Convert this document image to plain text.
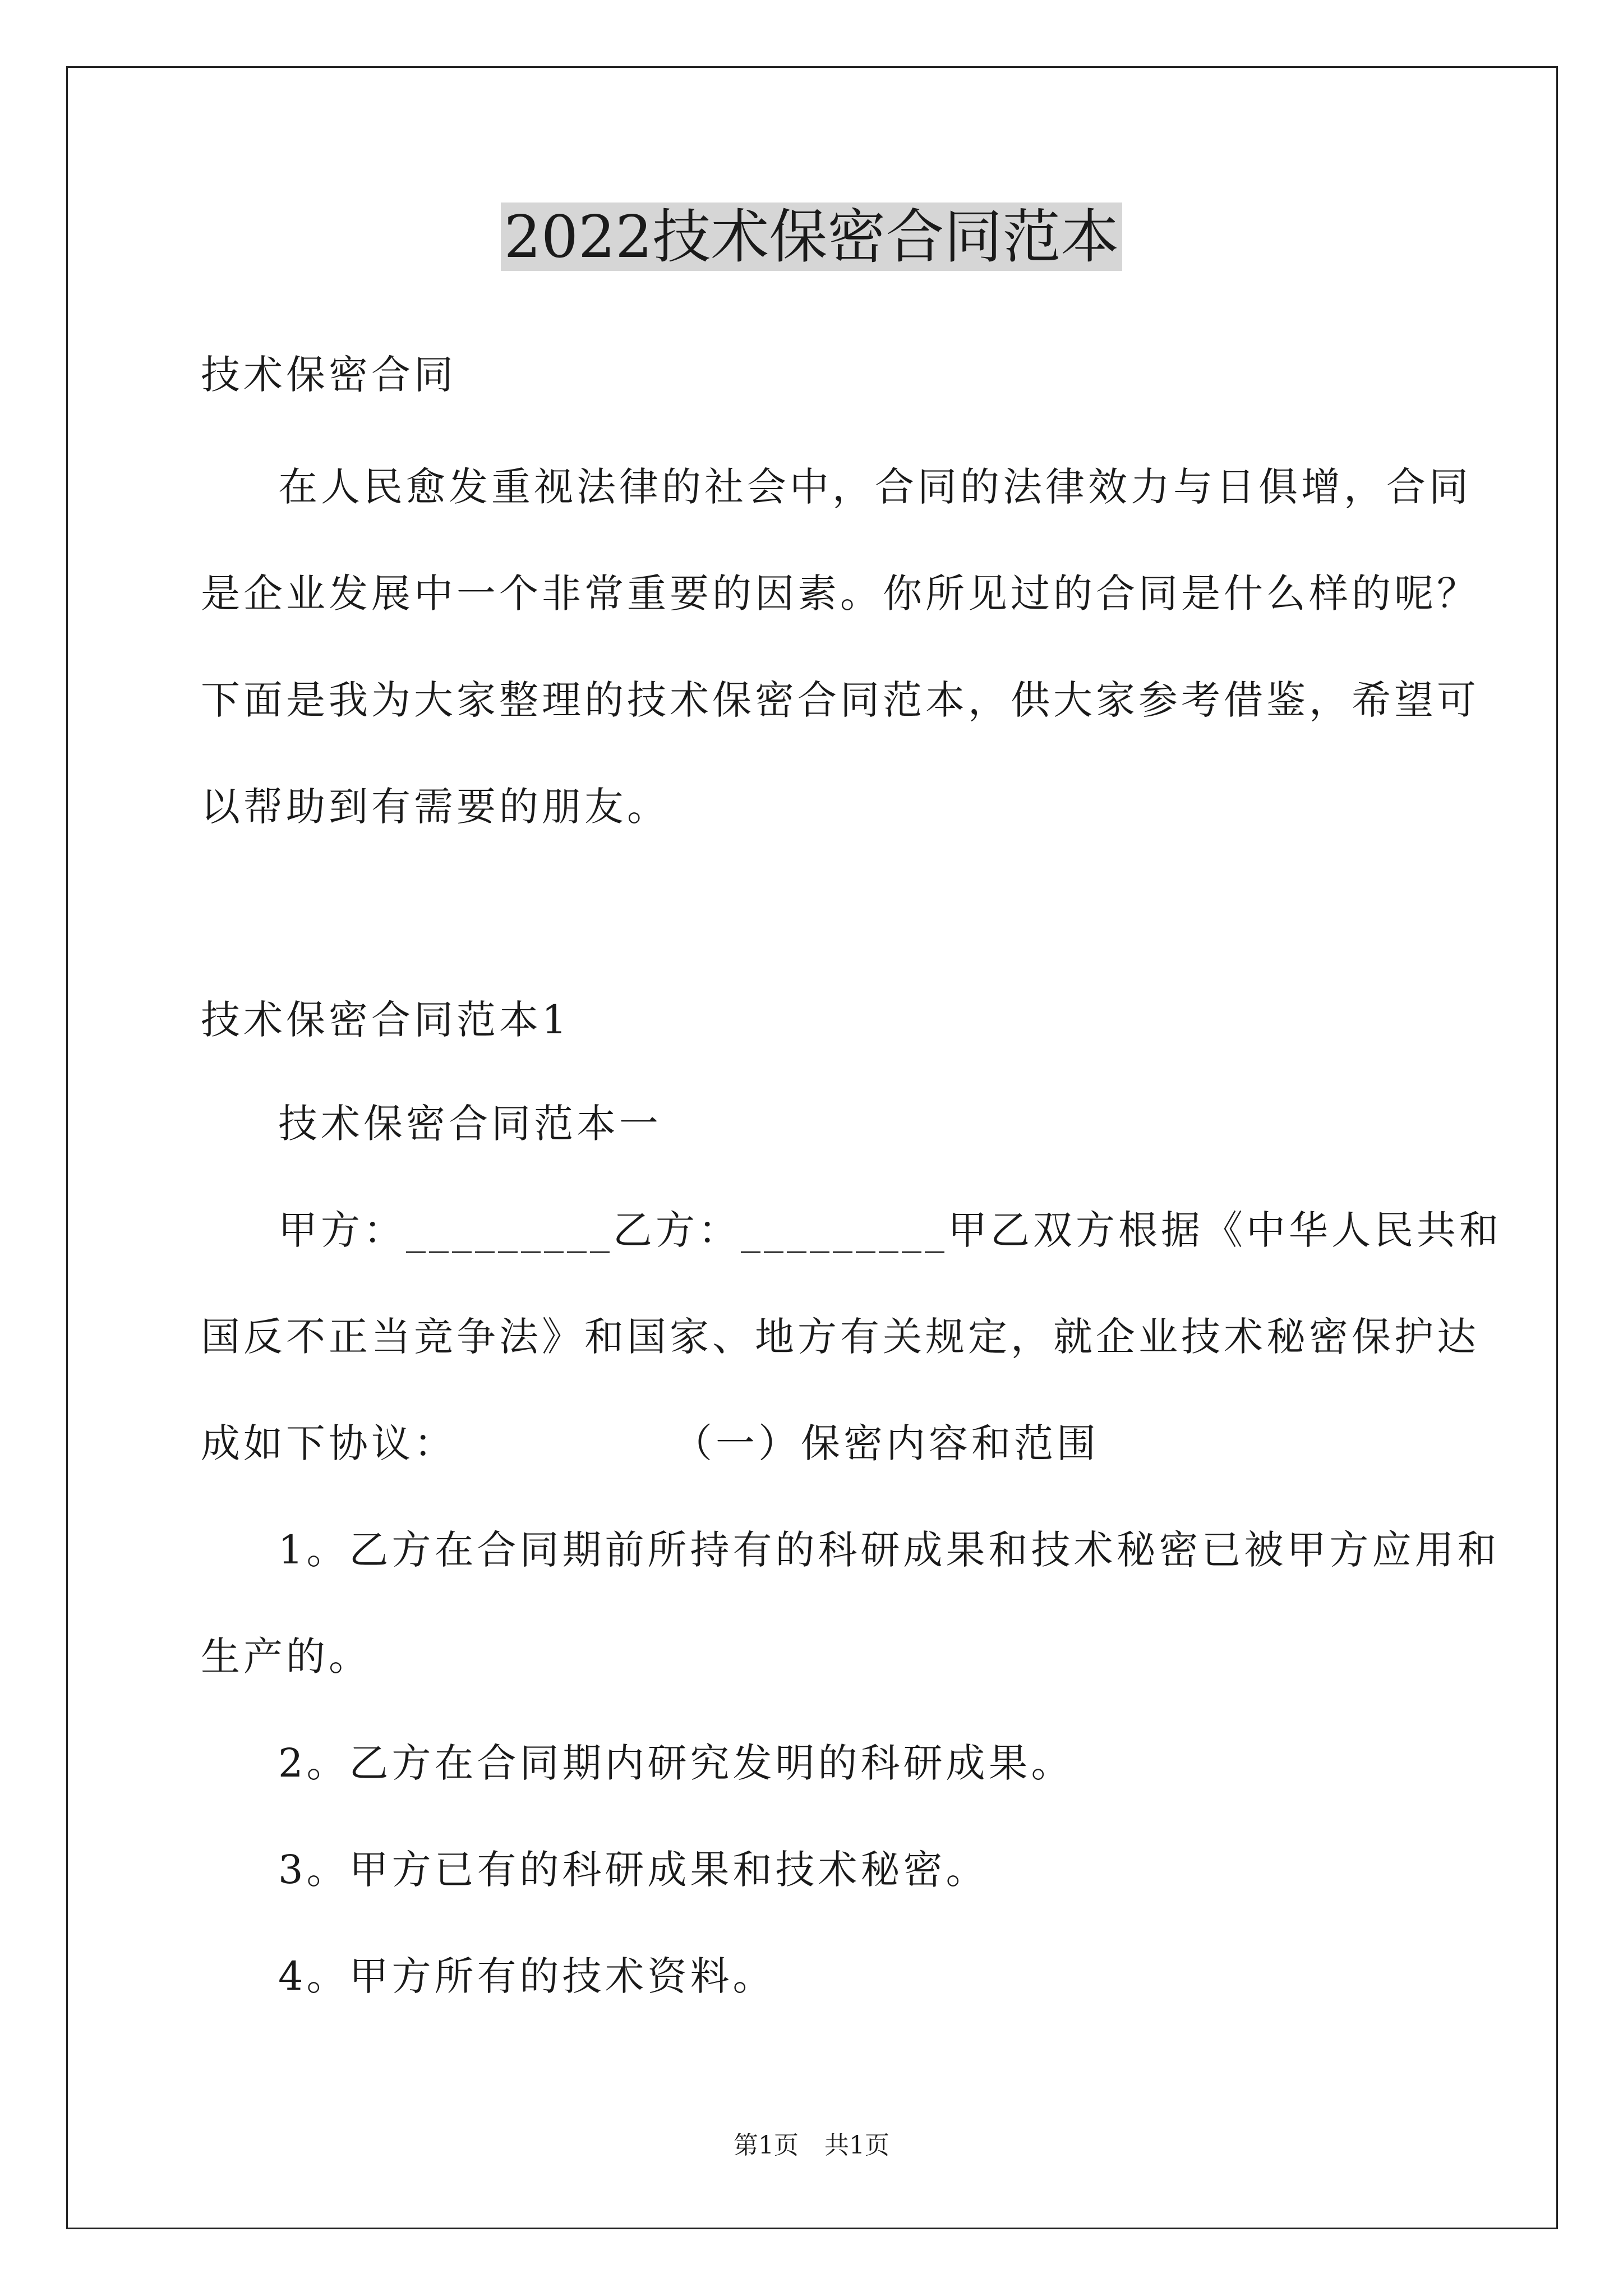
2022技术保密合同范本
技术保密合同
在人民愈发重视法律的社会中，合同的法律效力与日俱增，合同
是企业发展中一个非常重要的因素。你所见过的合同是什么样的呢？
下面是我为大家整理的技术保密合同范本，供大家参考借鉴，希望可
以帮助到有需要的朋友。
技术保密合同范本1
技术保密合同范本一
甲方：_________乙方：_________甲乙双方根据《中华人民共和
国反不正当竞争法》和国家、地方有关规定，就企业技术秘密保护达
成如下协议：　　　　　　（一）保密内容和范围
1。乙方在合同期前所持有的科研成果和技术秘密已被甲方应用和
生产的。
2。乙方在合同期内研究发明的科研成果。
3。甲方已有的科研成果和技术秘密。
4。甲方所有的技术资料。
第1页 共1页
